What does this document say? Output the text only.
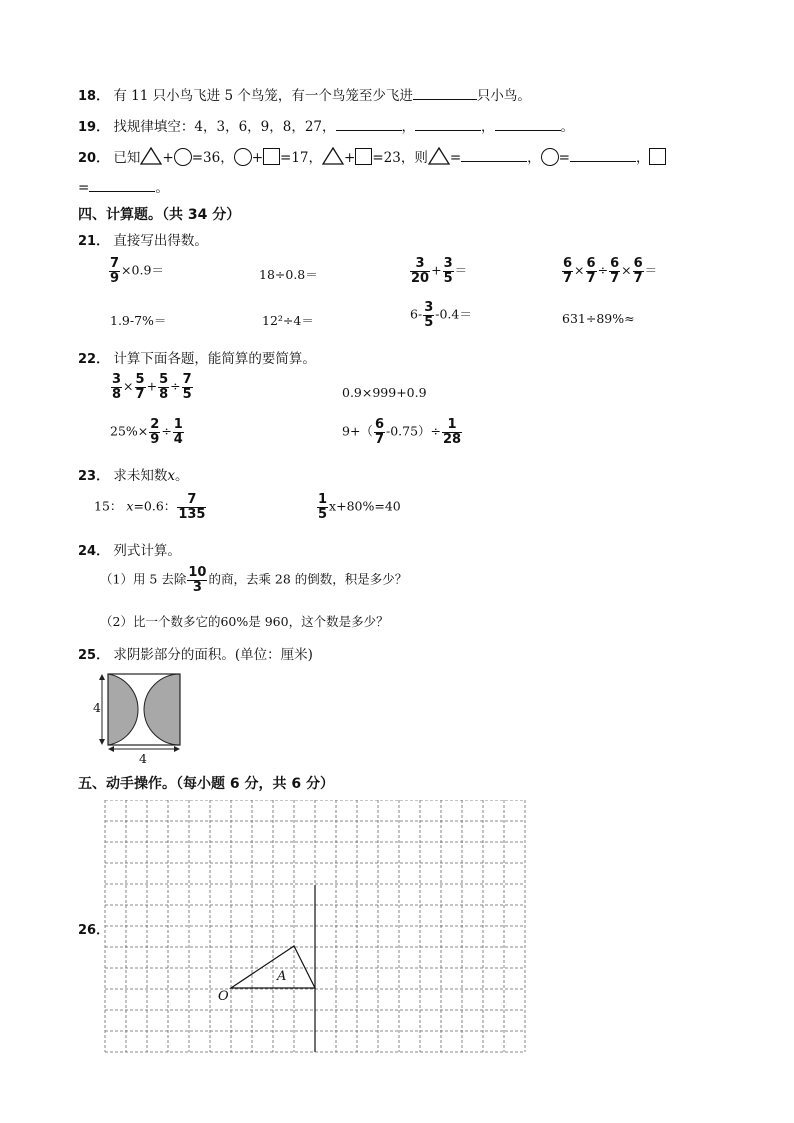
18． 有 11 只小鸟飞进 5 个鸟笼，有一个鸟笼至少飞进	只小鸟。
19． 找规律填空：4，3，6，9，8，27，	，	，	。
20． 已知 + =36， + =17， + =23，则 =	， =	，
=	。
四、计算题。（共 34 分）
21． 直接写出得数。
$\frac{7}{9} \times 0.9=$	18÷0.8＝	$\frac{3}{20} + \frac{3}{5}$ ＝	$\frac{6}{7} \times \frac{6}{7} \div \frac{6}{7} \times \frac{6}{7}$ ＝
1.9-7%＝	12²÷4＝	$6- \frac{3}{5} -0.4=$	631÷89%≈
22． 计算下面各题，能简算的要简算。
$\frac{3}{8} \times \frac{5}{7} + \frac{5}{8} \div \frac{7}{5}$	0.9×999+0.9
$25\%\times \frac{2}{9} \div \frac{1}{4}$	$9+( \frac{6}{7} -0.75)\div \frac{1}{28}$
23． 求未知数x。
15： x=0.6： $\frac{7}{135}$	$\frac{1}{5} x+80\%=40$
24． 列式计算。
（1）用 5 去除 $\frac{10}{3}$ 的商，去乘 28 的倒数，积是多少？
（2）比一个数多它的60%是 960，这个数是多少？
25． 求阴影部分的面积。(单位：厘米)
4
4
五、动手操作。（每小题 6 分，共 6 分）
26．
O
A
